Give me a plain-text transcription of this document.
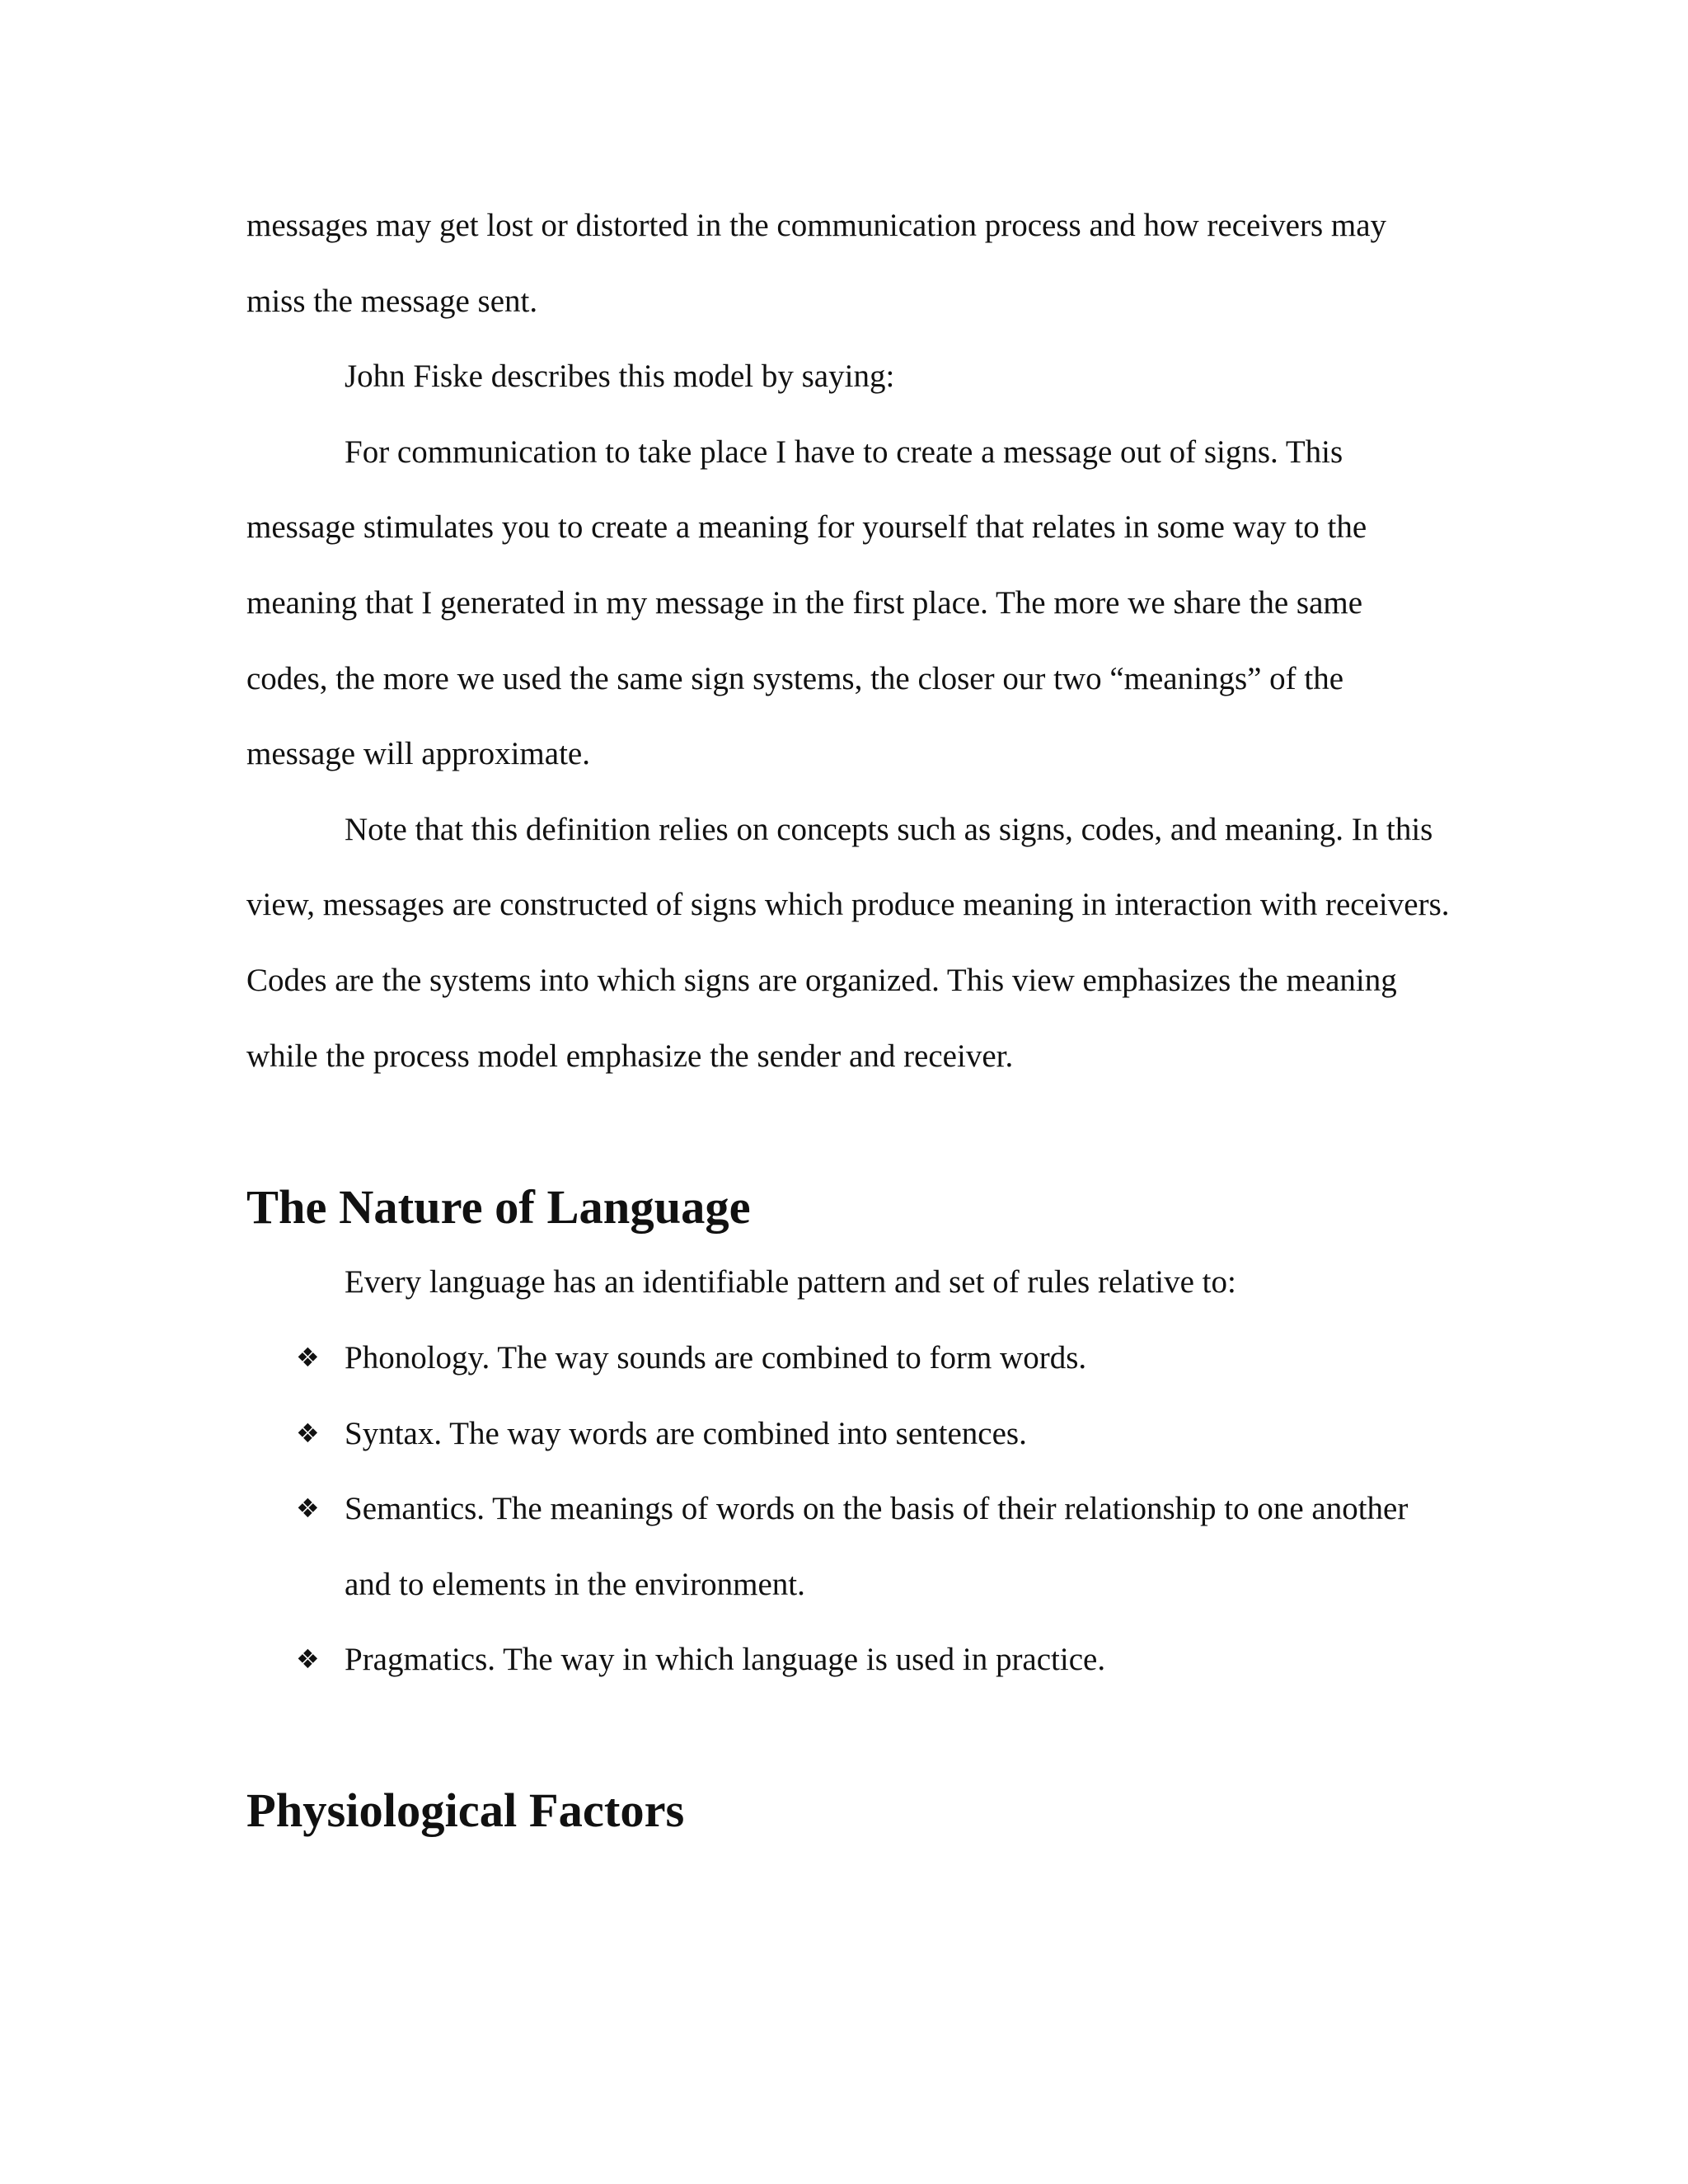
messages may get lost or distorted in the communication process and how receivers may miss the message sent.

John Fiske describes this model by saying:

For communication to take place I have to create a message out of signs. This message stimulates you to create a meaning for yourself that relates in some way to the meaning that I generated in my message in the first place. The more we share the same codes, the more we used the same sign systems, the closer our two “meanings” of the message will approximate.

Note that this definition relies on concepts such as signs, codes, and meaning. In this view, messages are constructed of signs which produce meaning in interaction with receivers. Codes are the systems into which signs are organized. This view emphasizes the meaning while the process model emphasize the sender and receiver.

The Nature of Language

Every language has an identifiable pattern and set of rules relative to:

❖ Phonology. The way sounds are combined to form words.
❖ Syntax. The way words are combined into sentences.
❖ Semantics. The meanings of words on the basis of their relationship to one another and to elements in the environment.
❖ Pragmatics. The way in which language is used in practice.
Physiological Factors
